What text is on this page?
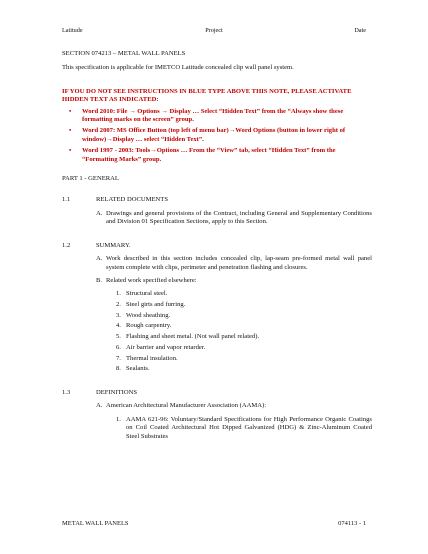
Latitude	Project	Date
SECTION 074213 – METAL WALL PANELS
This specification is applicable for IMETCO Latitude concealed clip wall panel system.
IF YOU DO NOT SEE INSTRUCTIONS IN BLUE TYPE ABOVE THIS NOTE, PLEASE ACTIVATE HIDDEN TEXT AS INDICATED:
• Word 2010: File → Options → Display … Select “Hidden Text” from the “Always show these formatting marks on the screen” group.
• Word 2007: MS Office Button (top left of menu bar)→Word Options (button in lower right of window)→Display … select “Hidden Text”.
• Word 1997 - 2003: Tools→Options … From the “View” tab, select “Hidden Text” from the “Formatting Marks” group.
PART 1 - GENERAL
1.1	RELATED DOCUMENTS
A. Drawings and general provisions of the Contract, including General and Supplementary Conditions and Division 01 Specification Sections, apply to this Section.
1.2	SUMMARY.
A. Work described in this section includes concealed clip, lap-seam pre-formed metal wall panel system complete with clips, perimeter and penetration flashing and closures.
B. Related work specified elsewhere:
1. Structural steel.
2. Steel girts and furring.
3. Wood sheathing.
4. Rough carpentry.
5. Flashing and sheet metal. (Not wall panel related).
6. Air barrier and vapor retarder.
7. Thermal insulation.
8. Sealants.
1.3	DEFINITIONS
A. American Architectural Manufacturer Association (AAMA):
1. AAMA 621-96: Voluntary/Standard Specifications for High Performance Organic Coatings on Coil Coated Architectural Hot Dipped Galvanized (HDG) & Zinc-Aluminum Coated Steel Substrates
METAL WALL PANELS	074113 - 1
